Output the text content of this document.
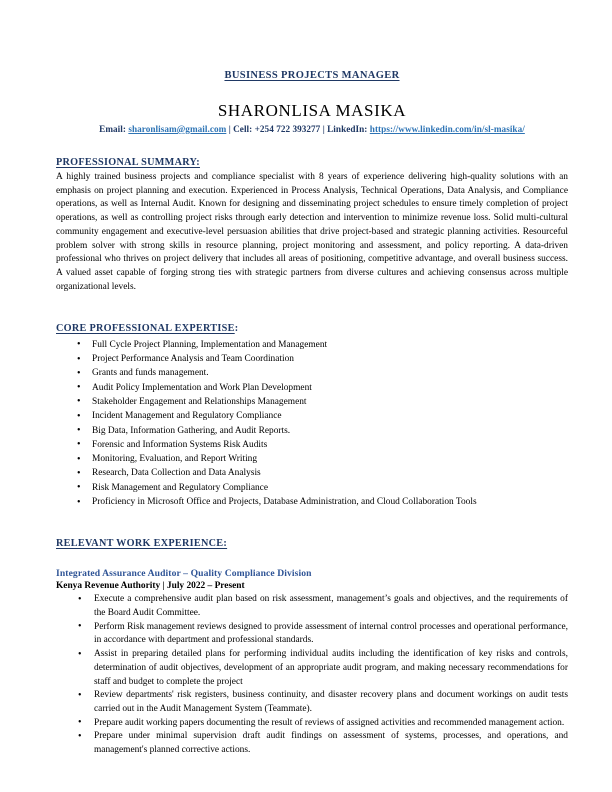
BUSINESS PROJECTS MANAGER
SHARONLISA MASIKA
Email: sharonlisam@gmail.com | Cell: +254 722 393277 | LinkedIn: https://www.linkedin.com/in/sl-masika/
PROFESSIONAL SUMMARY:

A highly trained business projects and compliance specialist with 8 years of experience delivering high-quality solutions with an emphasis on project planning and execution. Experienced in Process Analysis, Technical Operations, Data Analysis, and Compliance operations, as well as Internal Audit. Known for designing and disseminating project schedules to ensure timely completion of project operations, as well as controlling project risks through early detection and intervention to minimize revenue loss. Solid multi-cultural community engagement and executive-level persuasion abilities that drive project-based and strategic planning activities. Resourceful problem solver with strong skills in resource planning, project monitoring and assessment, and policy reporting. A data-driven professional who thrives on project delivery that includes all areas of positioning, competitive advantage, and overall business success. A valued asset capable of forging strong ties with strategic partners from diverse cultures and achieving consensus across multiple organizational levels.

CORE PROFESSIONAL EXPERTISE:
• Full Cycle Project Planning, Implementation and Management
• Project Performance Analysis and Team Coordination
• Grants and funds management.
• Audit Policy Implementation and Work Plan Development
• Stakeholder Engagement and Relationships Management
• Incident Management and Regulatory Compliance
• Big Data, Information Gathering, and Audit Reports.
• Forensic and Information Systems Risk Audits
• Monitoring, Evaluation, and Report Writing
• Research, Data Collection and Data Analysis
• Risk Management and Regulatory Compliance
• Proficiency in Microsoft Office and Projects, Database Administration, and Cloud Collaboration Tools
RELEVANT WORK EXPERIENCE:
Integrated Assurance Auditor – Quality Compliance Division
Kenya Revenue Authority | July 2022 – Present
• Execute a comprehensive audit plan based on risk assessment, management’s goals and objectives, and the requirements of the Board Audit Committee.
• Perform Risk management reviews designed to provide assessment of internal control processes and operational performance, in accordance with department and professional standards.
• Assist in preparing detailed plans for performing individual audits including the identification of key risks and controls, determination of audit objectives, development of an appropriate audit program, and making necessary recommendations for staff and budget to complete the project
• Review departments' risk registers, business continuity, and disaster recovery plans and document workings on audit tests carried out in the Audit Management System (Teammate).
• Prepare audit working papers documenting the result of reviews of assigned activities and recommended management action.
• Prepare under minimal supervision draft audit findings on assessment of systems, processes, and operations, and management's planned corrective actions.
